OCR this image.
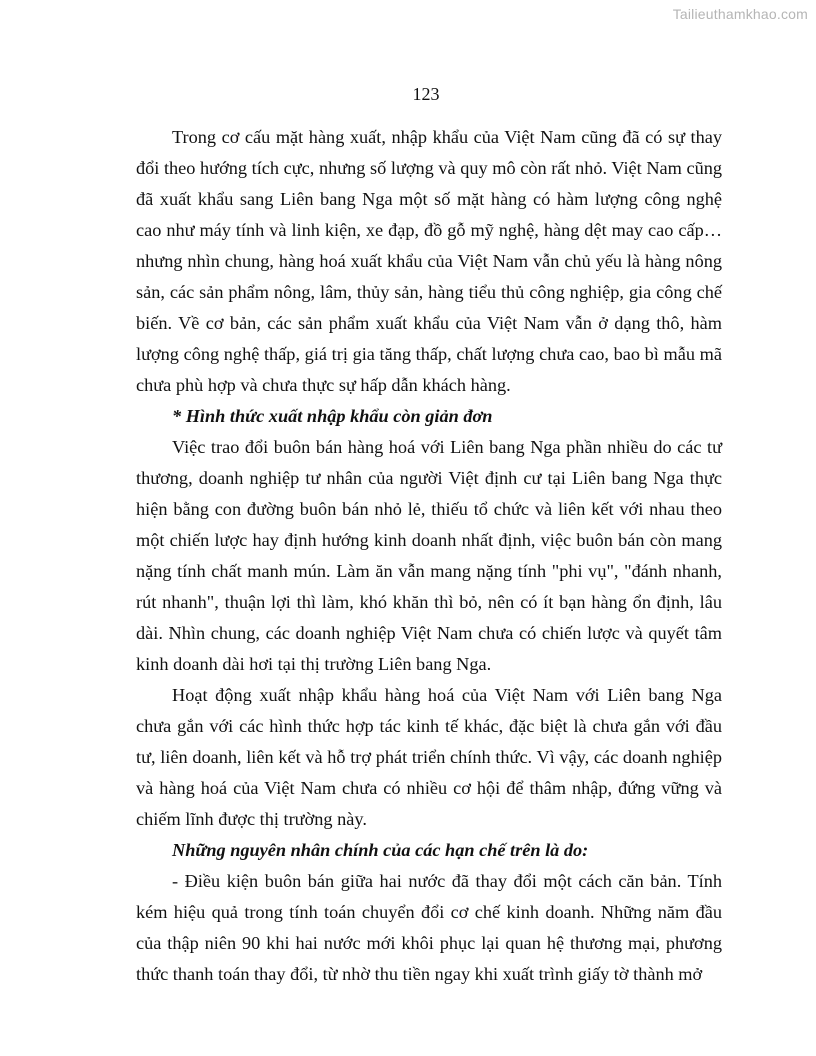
Tailieuthamkhao.com
123

Trong cơ cấu mặt hàng xuất, nhập khẩu của Việt Nam cũng đã có sự thay đổi theo hướng tích cực, nhưng số lượng và quy mô còn rất nhỏ. Việt Nam cũng đã xuất khẩu sang Liên bang Nga một số mặt hàng có hàm lượng công nghệ cao như máy tính và linh kiện, xe đạp, đồ gỗ mỹ nghệ, hàng dệt may cao cấp… nhưng nhìn chung, hàng hoá xuất khẩu của Việt Nam vẫn chủ yếu là hàng nông sản, các sản phẩm nông, lâm, thủy sản, hàng tiểu thủ công nghiệp, gia công chế biến. Về cơ bản, các sản phẩm xuất khẩu của Việt Nam vẫn ở dạng thô, hàm lượng công nghệ thấp, giá trị gia tăng thấp, chất lượng chưa cao, bao bì mẫu mã chưa phù hợp và chưa thực sự hấp dẫn khách hàng.

* Hình thức xuất nhập khẩu còn giản đơn

Việc trao đổi buôn bán hàng hoá với Liên bang Nga phần nhiều do các tư thương, doanh nghiệp tư nhân của người Việt định cư tại Liên bang Nga thực hiện bằng con đường buôn bán nhỏ lẻ, thiếu tổ chức và liên kết với nhau theo một chiến lược hay định hướng kinh doanh nhất định, việc buôn bán còn mang nặng tính chất manh mún. Làm ăn vẫn mang nặng tính "phi vụ", "đánh nhanh, rút nhanh", thuận lợi thì làm, khó khăn thì bỏ, nên có ít bạn hàng ổn định, lâu dài. Nhìn chung, các doanh nghiệp Việt Nam chưa có chiến lược và quyết tâm kinh doanh dài hơi tại thị trường Liên bang Nga.

Hoạt động xuất nhập khẩu hàng hoá của Việt Nam với Liên bang Nga chưa gắn với các hình thức hợp tác kinh tế khác, đặc biệt là chưa gắn với đầu tư, liên doanh, liên kết và hỗ trợ phát triển chính thức. Vì vậy, các doanh nghiệp và hàng hoá của Việt Nam chưa có nhiều cơ hội để thâm nhập, đứng vững và chiếm lĩnh được thị trường này.

Những nguyên nhân chính của các hạn chế trên là do:

- Điều kiện buôn bán giữa hai nước đã thay đổi một cách căn bản. Tính kém hiệu quả trong tính toán chuyển đổi cơ chế kinh doanh. Những năm đầu của thập niên 90 khi hai nước mới khôi phục lại quan hệ thương mại, phương thức thanh toán thay đổi, từ nhờ thu tiền ngay khi xuất trình giấy tờ thành mở
